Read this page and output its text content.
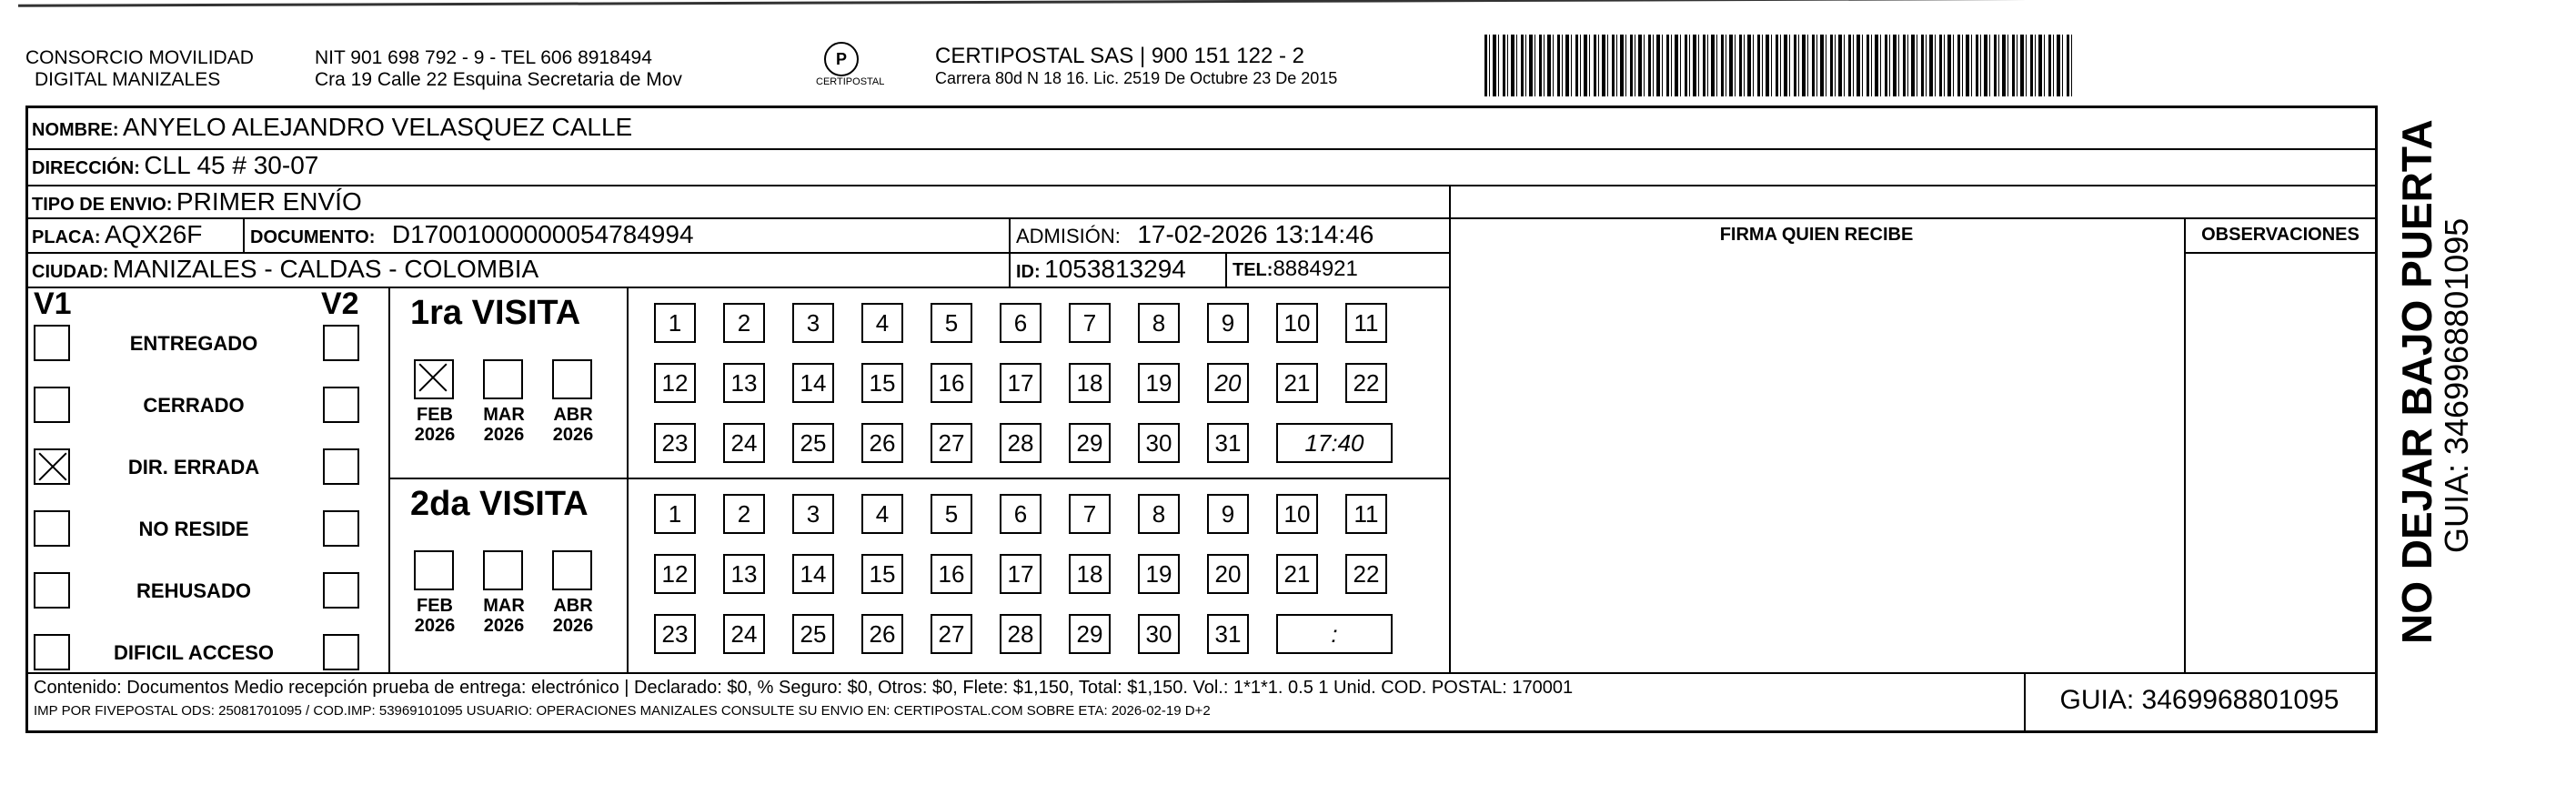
CONSORCIO MOVILIDAD
DIGITAL MANIZALES
NIT 901 698 792 - 9 - TEL 606 8918494
Cra 19 Calle 22 Esquina Secretaria de Mov
P
CERTIPOSTAL
CERTIPOSTAL SAS | 900 151 122 - 2
Carrera 80d N 18 16. Lic. 2519 De Octubre 23 De 2015
NOMBRE: ANYELO ALEJANDRO VELASQUEZ CALLE
DIRECCIÓN: CLL 45 # 30-07
TIPO DE ENVIO: PRIMER ENVÍO
PLACA: AQX26F	DOCUMENTO: D17001000000054784994	ADMISIÓN: 17-02-2026 13:14:46
CIUDAD: MANIZALES - CALDAS - COLOMBIA	ID: 1053813294	TEL:8884921
FIRMA QUIEN RECIBE	OBSERVACIONES
V1	V2
ENTREGADO
CERRADO
DIR. ERRADA
NO RESIDE
REHUSADO
DIFICIL ACCESO
1ra VISITA
FEB
2026
MAR
2026
ABR
2026
1	2	3	4	5	6	7	8	9	10	11
12	13	14	15	16	17	18	19	20	21	22
23	24	25	26	27	28	29	30	31	17:40
2da VISITA
FEB
2026
MAR
2026
ABR
2026
1	2	3	4	5	6	7	8	9	10	11
12	13	14	15	16	17	18	19	20	21	22
23	24	25	26	27	28	29	30	31	:
Contenido: Documentos Medio recepción prueba de entrega: electrónico | Declarado: $0, % Seguro: $0, Otros: $0, Flete: $1,150, Total: $1,150. Vol.: 1*1*1. 0.5 1 Unid. COD. POSTAL: 170001
IMP POR FIVEPOSTAL ODS: 25081701095 / COD.IMP: 53969101095 USUARIO: OPERACIONES MANIZALES CONSULTE SU ENVIO EN: CERTIPOSTAL.COM SOBRE ETA: 2026-02-19 D+2	GUIA: 3469968801095
NO DEJAR BAJO PUERTA
GUIA: 3469968801095
